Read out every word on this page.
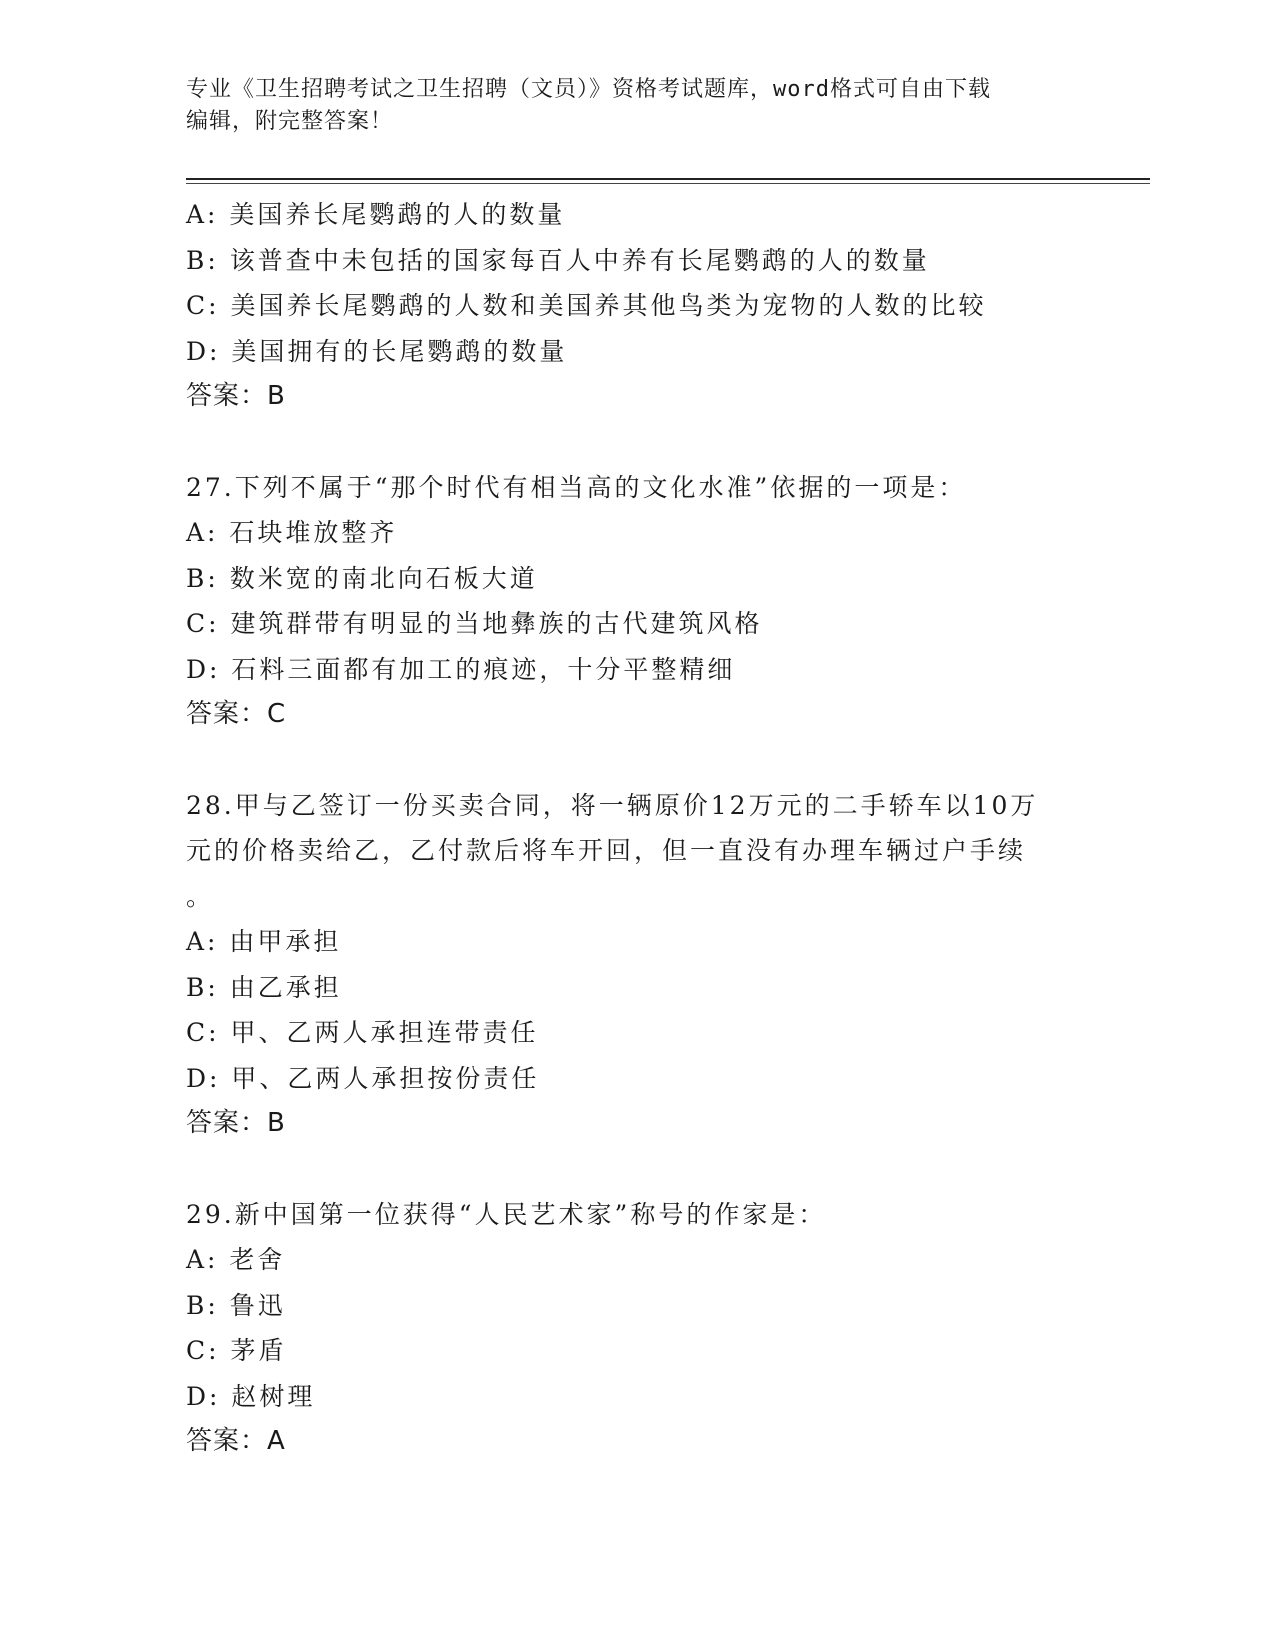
专业《卫生招聘考试之卫生招聘（文员）》资格考试题库，word格式可自由下载
编辑，附完整答案！
A: 美国养长尾鹦鹉的人的数量
B: 该普查中未包括的国家每百人中养有长尾鹦鹉的人的数量
C: 美国养长尾鹦鹉的人数和美国养其他鸟类为宠物的人数的比较
D: 美国拥有的长尾鹦鹉的数量
答案：B
27.下列不属于“那个时代有相当高的文化水准”依据的一项是：
A: 石块堆放整齐
B: 数米宽的南北向石板大道
C: 建筑群带有明显的当地彝族的古代建筑风格
D: 石料三面都有加工的痕迹，十分平整精细
答案：C
28.甲与乙签订一份买卖合同，将一辆原价12万元的二手轿车以10万
元的价格卖给乙，乙付款后将车开回，但一直没有办理车辆过户手续
。
A: 由甲承担
B: 由乙承担
C: 甲、乙两人承担连带责任
D: 甲、乙两人承担按份责任
答案：B
29.新中国第一位获得“人民艺术家”称号的作家是：
A: 老舍
B: 鲁迅
C: 茅盾
D: 赵树理
答案：A
